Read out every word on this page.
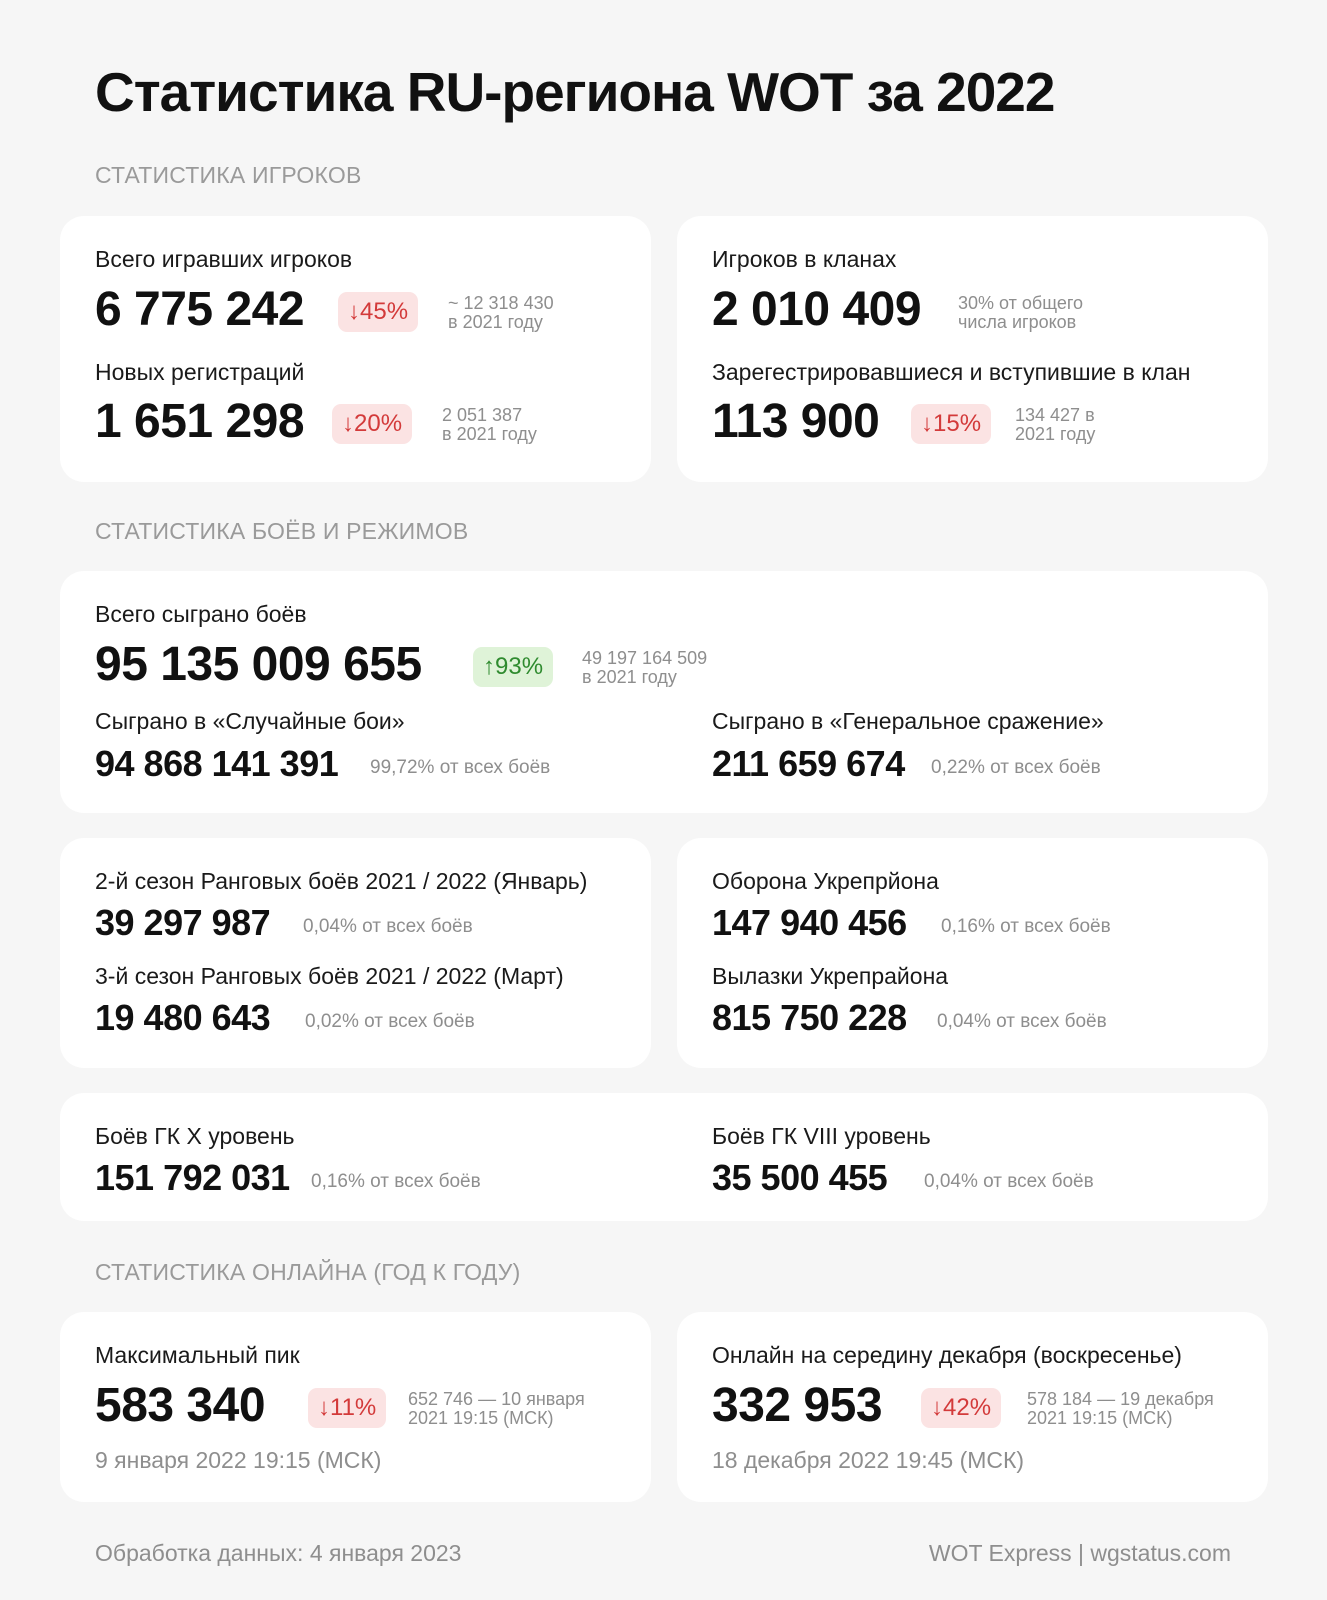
Статистика RU-региона WOT за 2022
СТАТИСТИКА ИГРОКОВ
Всего игравших игроков
6 775 242	↓45%	~ 12 318 430
в 2021 году
Новых регистраций
1 651 298	↓20%	2 051 387
в 2021 году
Игроков в кланах
2 010 409 30% от общего
числа игроков
Зарегестрировавшиеся и вступившие в клан
113 900	↓15%	134 427 в
2021 году
СТАТИСТИКА БОЁВ И РЕЖИМОВ
Всего сыграно боёв
95 135 009 655	↑93%	49 197 164 509
в 2021 году
Сыграно в «Случайные бои»
94 868 141 391 99,72% от всех боёв
Сыграно в «Генеральное сражение»
211 659 674 0,22% от всех боёв
2-й сезон Ранговых боёв 2021 / 2022 (Январь)
39 297 987 0,04% от всех боёв
3-й сезон Ранговых боёв 2021 / 2022 (Март)
19 480 643 0,02% от всех боёв
Оборона Укрепрйона
147 940 456 0,16% от всех боёв
Вылазки Укрепрайона
815 750 228 0,04% от всех боёв
Боёв ГК X уровень
151 792 031 0,16% от всех боёв
Боёв ГК VIII уровень
35 500 455 0,04% от всех боёв
СТАТИСТИКА ОНЛАЙНА (ГОД К ГОДУ)
Максимальный пик
583 340	↓11%	652 746 — 10 января
2021 19:15 (МСК)
9 января 2022 19:15 (МСК)
Онлайн на середину декабря (воскресенье)
332 953	↓42%	578 184 — 19 декабря
2021 19:15 (МСК)
18 декабря 2022 19:45 (МСК)
Обработка данных: 4 января 2023	WOT Express | wgstatus.com
